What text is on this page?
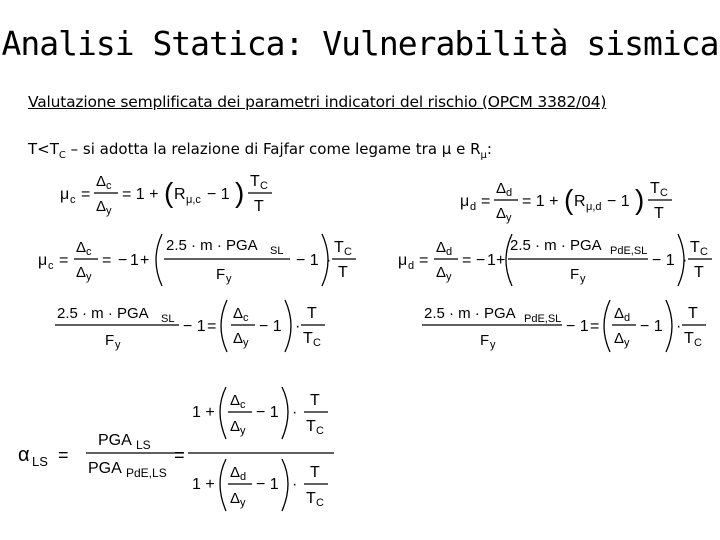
Analisi Statica: Vulnerabilità sismica
Valutazione semplificata dei parametri indicatori del rischio (OPCM 3382/04)
$T<T_C$ – si adotta la relazione di Fajfar come legame tra μ e $R_\mu$:
μ c =
Δ c
Δ y
= 1 + ( R μ,c − 1 ) T C
T	μ d =
Δ d
Δ y
= 1 + ( R μ,d − 1 ) T C
T
μ c =
Δ c
Δ y
= − 1 +
2.5 · m · PGA SL
F y
− 1 ·
T C
T
μ d =
Δ d
Δ y
= − 1 +
2.5 · m · PGA PdE,SL
F y
− 1 ·
T C
T
2.5 · m · PGA SL
F y
− 1 =
Δ c
Δ y
− 1 ·
T
T C
2.5 · m · PGA PdE,SL
F y
− 1 =
Δ d
Δ y
− 1 ·
T
T C
α LS =
PGA LS
PGA PdE,LS
=
1 +
Δ c
Δ y
− 1 ·
T
T C
1 +
Δ d
Δ y
− 1 ·
T
T C
